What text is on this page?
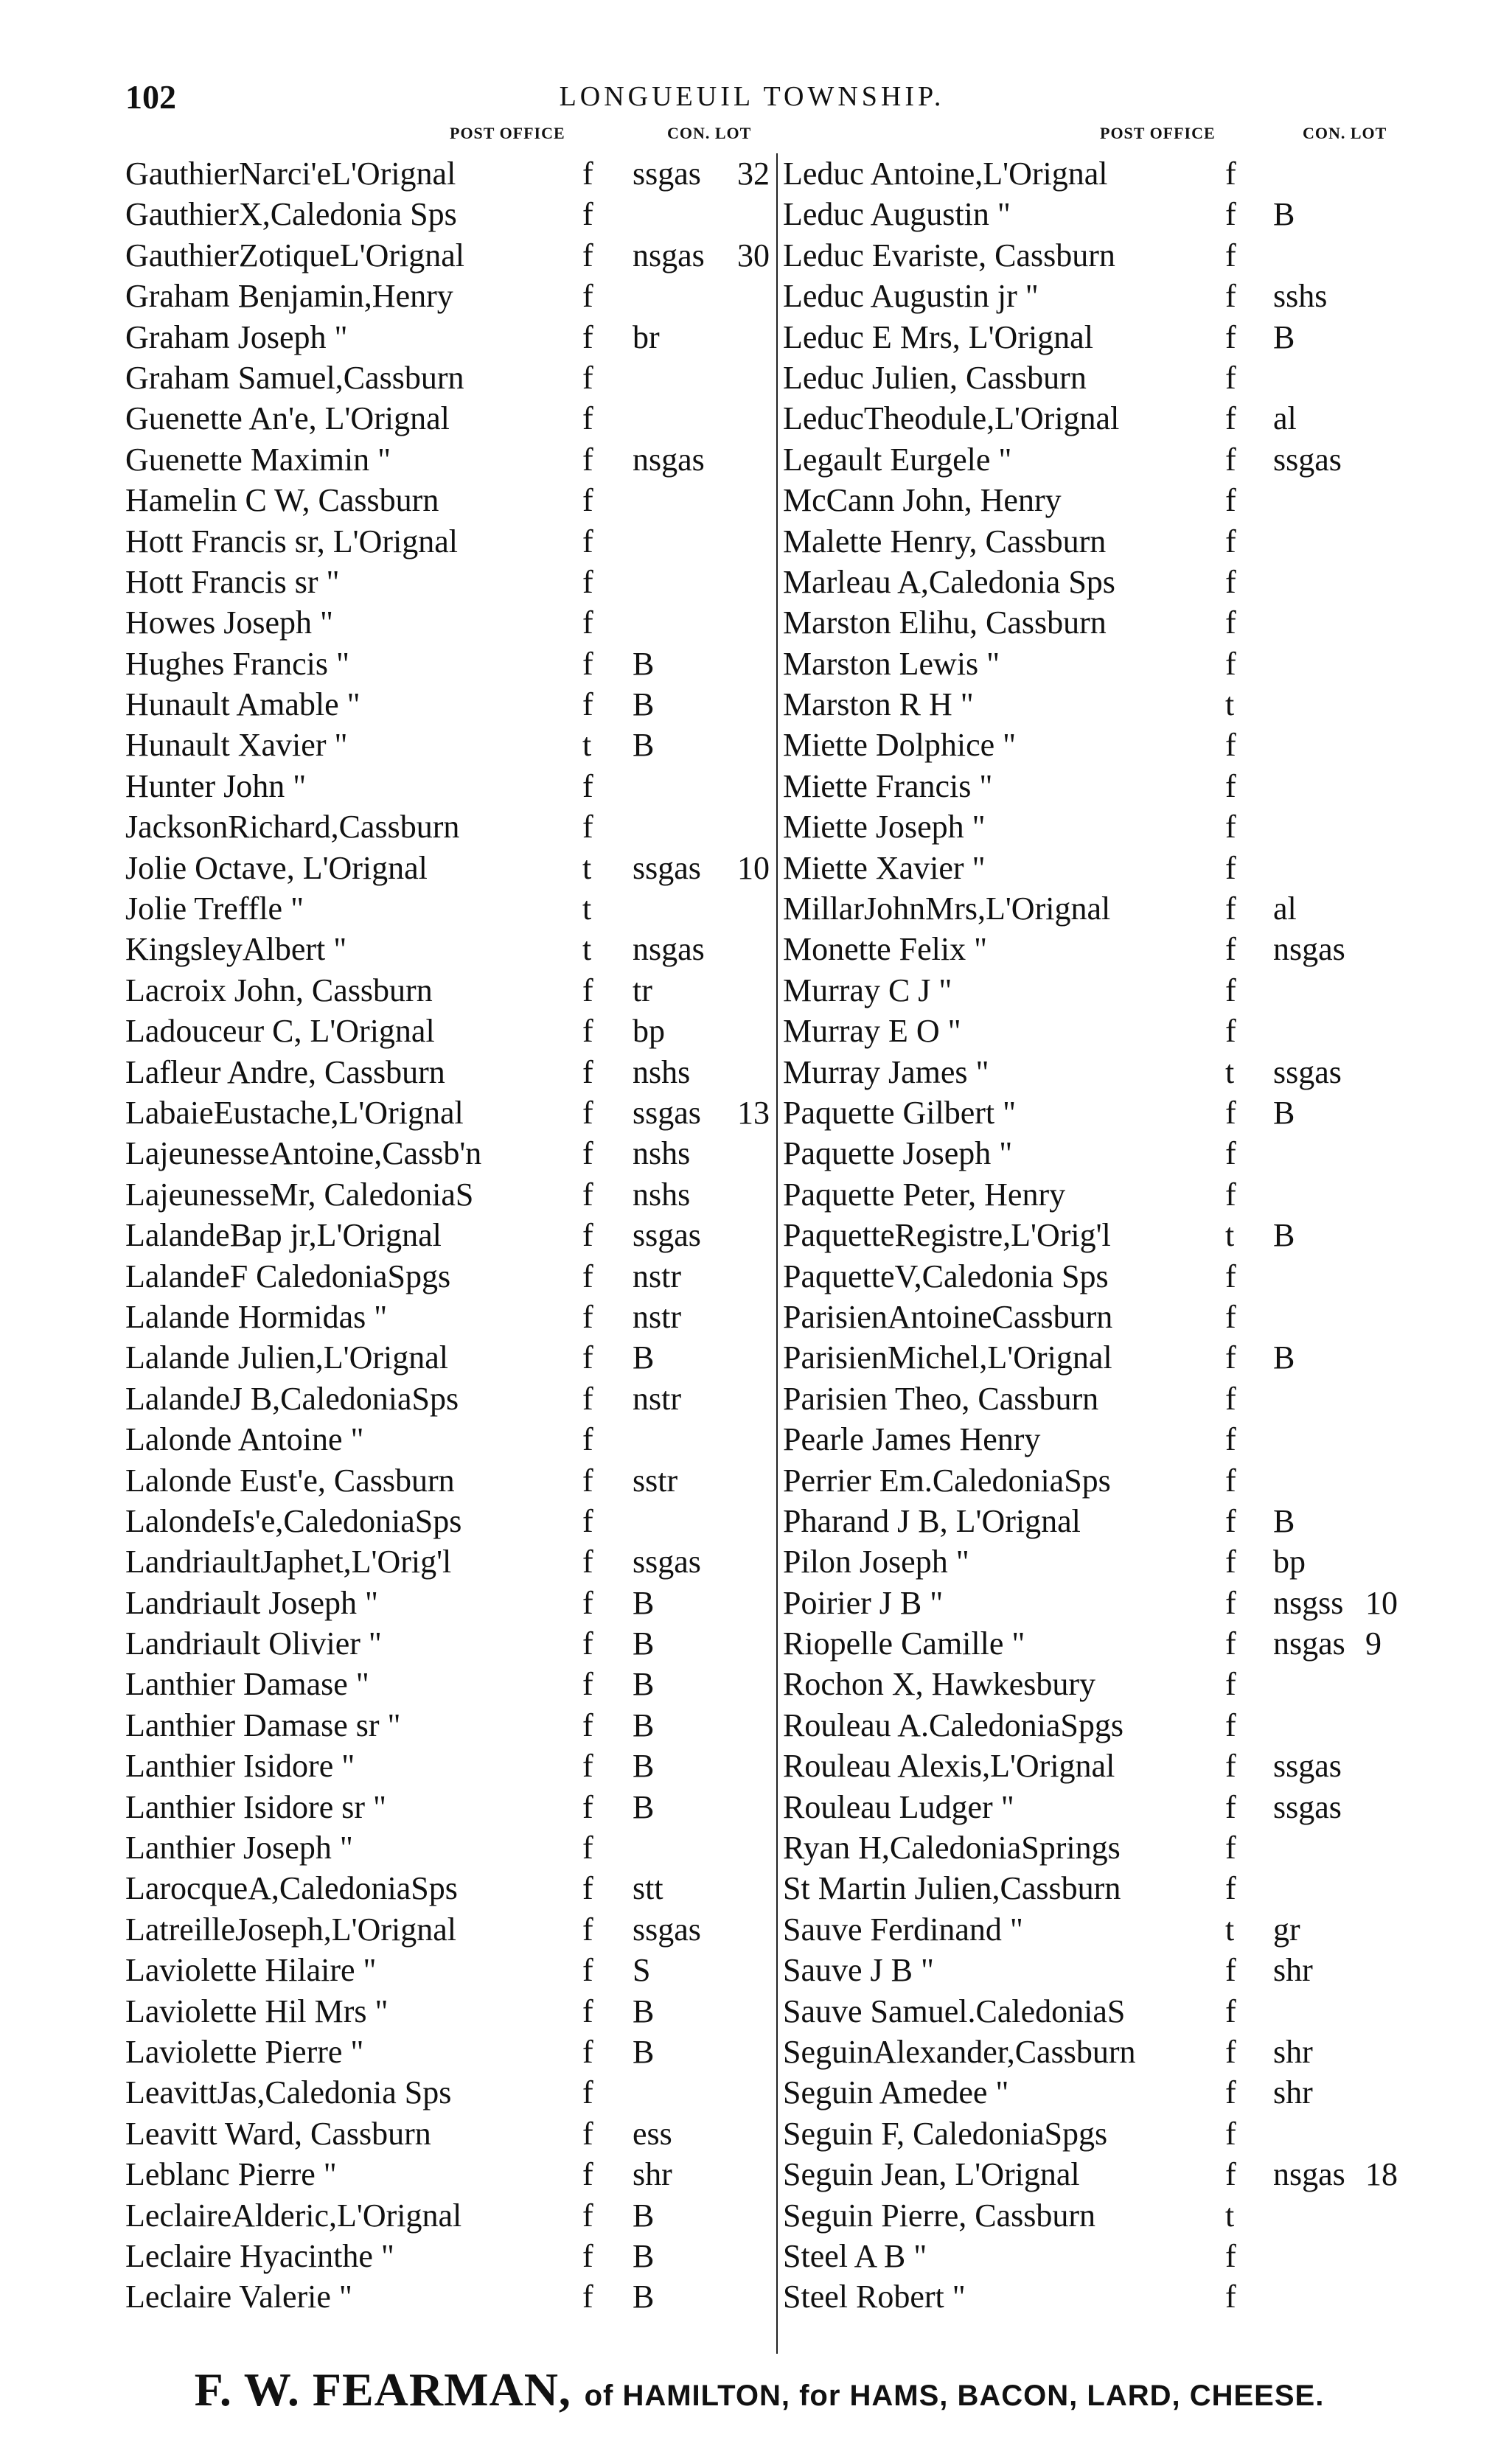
102	LONGUEUIL TOWNSHIP.
POST OFFICE	CON. LOT	POST OFFICE	CON. LOT
GauthierNarci'eL'Orignal	f ssgas 32
GauthierX,Caledonia Sps	f
GauthierZotiqueL'Orignal	f nsgas 30
Graham Benjamin,Henry	f
Graham Joseph "	f br
Graham Samuel,Cassburn	f
Guenette An'e, L'Orignal	f
Guenette Maximin "	f nsgas
Hamelin C W, Cassburn	f
Hott Francis sr, L'Orignal	f
Hott Francis sr "	f
Howes Joseph "	f
Hughes Francis "	f B
Hunault Amable "	f B
Hunault Xavier "	t B
Hunter John "	f
JacksonRichard,Cassburn	f
Jolie Octave, L'Orignal	t ssgas 10
Jolie Treffle "	t
KingsleyAlbert "	t nsgas
Lacroix John, Cassburn	f tr
Ladouceur C, L'Orignal	f bp
Lafleur Andre, Cassburn	f nshs
LabaieEustache,L'Orignal	f ssgas 13
LajeunesseAntoine,Cassb'n	f nshs
LajeunesseMr, CaledoniaS	f nshs
LalandeBap jr,L'Orignal	f ssgas
LalandeF CaledoniaSpgs	f nstr
Lalande Hormidas "	f nstr
Lalande Julien,L'Orignal	f B
LalandeJ B,CaledoniaSps	f nstr
Lalonde Antoine "	f
Lalonde Eust'e, Cassburn	f sstr
LalondeIs'e,CaledoniaSps	f
LandriaultJaphet,L'Orig'l	f ssgas
Landriault Joseph "	f B
Landriault Olivier "	f B
Lanthier Damase "	f B
Lanthier Damase sr "	f B
Lanthier Isidore "	f B
Lanthier Isidore sr "	f B
Lanthier Joseph "	f
LarocqueA,CaledoniaSps	f stt
LatreilleJoseph,L'Orignal	f ssgas
Laviolette Hilaire "	f S
Laviolette Hil Mrs "	f B
Laviolette Pierre "	f B
LeavittJas,Caledonia Sps	f
Leavitt Ward, Cassburn	f ess
Leblanc Pierre "	f shr
LeclaireAlderic,L'Orignal	f B
Leclaire Hyacinthe "	f B
Leclaire Valerie "	f B
Leduc Antoine,L'Orignal	f
Leduc Augustin "	f B
Leduc Evariste, Cassburn	f
Leduc Augustin jr "	f sshs
Leduc E Mrs, L'Orignal	f B
Leduc Julien, Cassburn	f
LeducTheodule,L'Orignal	f al
Legault Eurgele "	f ssgas
McCann John, Henry	f
Malette Henry, Cassburn	f
Marleau A,Caledonia Sps	f
Marston Elihu, Cassburn	f
Marston Lewis "	f
Marston R H "	t
Miette Dolphice "	f
Miette Francis "	f
Miette Joseph "	f
Miette Xavier "	f
MillarJohnMrs,L'Orignal	f al
Monette Felix "	f nsgas
Murray C J "	f
Murray E O "	f
Murray James "	t ssgas
Paquette Gilbert "	f B
Paquette Joseph "	f
Paquette Peter, Henry	f
PaquetteRegistre,L'Orig'l	t B
PaquetteV,Caledonia Sps	f
ParisienAntoineCassburn	f
ParisienMichel,L'Orignal	f B
Parisien Theo, Cassburn	f
Pearle James Henry	f
Perrier Em.CaledoniaSps	f
Pharand J B, L'Orignal	f B
Pilon Joseph "	f bp
Poirier J B "	f nsgss 10
Riopelle Camille "	f nsgas 9
Rochon X, Hawkesbury	f
Rouleau A.CaledoniaSpgs	f
Rouleau Alexis,L'Orignal	f ssgas
Rouleau Ludger "	f ssgas
Ryan H,CaledoniaSprings	f
St Martin Julien,Cassburn	f
Sauve Ferdinand "	t gr
Sauve J B "	f shr
Sauve Samuel.CaledoniaS	f
SeguinAlexander,Cassburn	f shr
Seguin Amedee "	f shr
Seguin F, CaledoniaSpgs	f
Seguin Jean, L'Orignal	f nsgas 18
Seguin Pierre, Cassburn	t
Steel A B "	f
Steel Robert "	f
F. W. FEARMAN, of HAMILTON, for HAMS, BACON, LARD, CHEESE.
